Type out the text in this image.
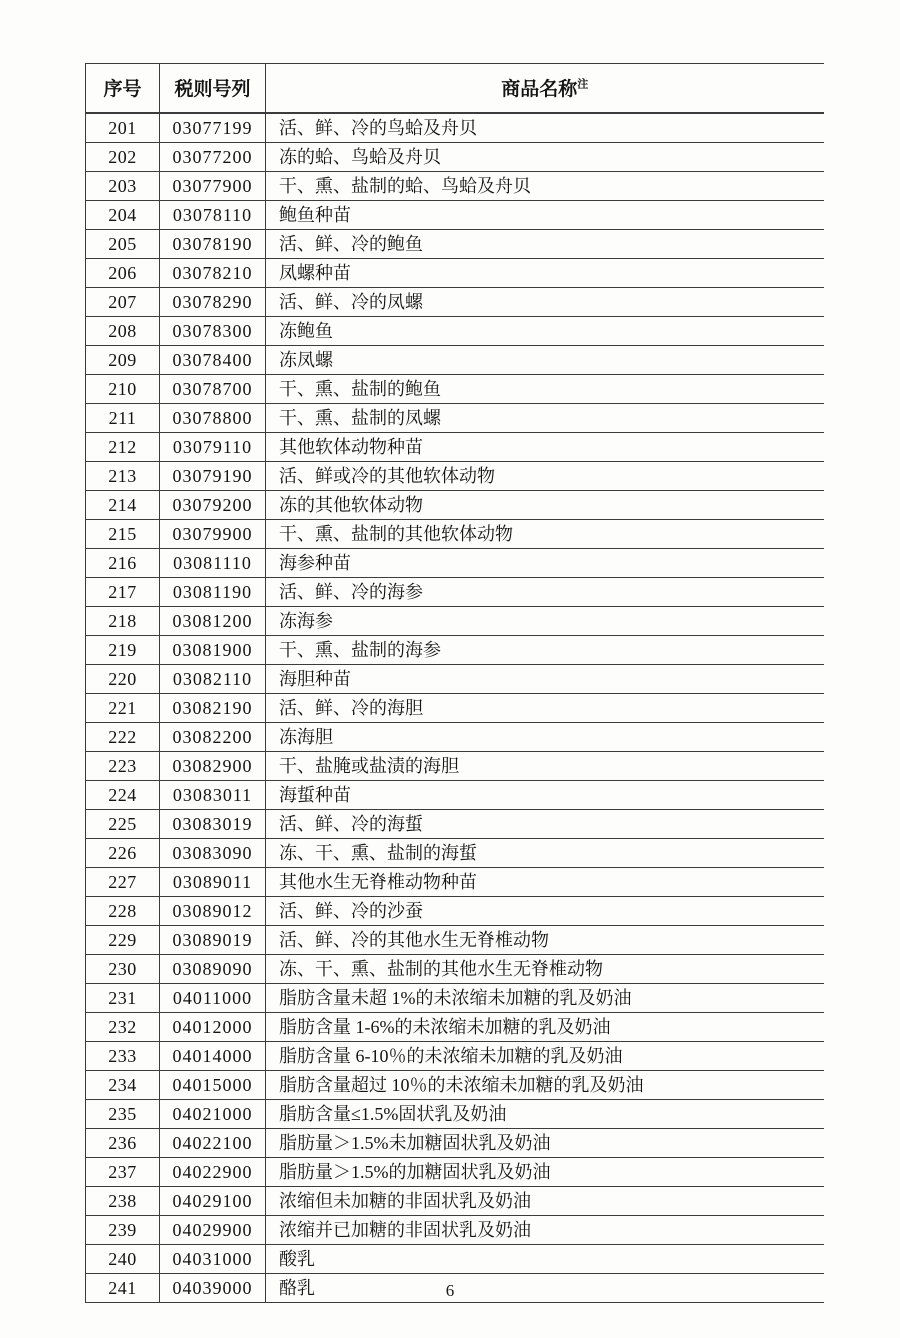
序号	税则号列	商品名称$^注$
201	03077199	活、鲜、冷的鸟蛤及舟贝
202	03077200	冻的蛤、鸟蛤及舟贝
203	03077900	干、熏、盐制的蛤、鸟蛤及舟贝
204	03078110	鲍鱼种苗
205	03078190	活、鲜、冷的鲍鱼
206	03078210	凤螺种苗
207	03078290	活、鲜、冷的凤螺
208	03078300	冻鲍鱼
209	03078400	冻凤螺
210	03078700	干、熏、盐制的鲍鱼
211	03078800	干、熏、盐制的凤螺
212	03079110	其他软体动物种苗
213	03079190	活、鲜或冷的其他软体动物
214	03079200	冻的其他软体动物
215	03079900	干、熏、盐制的其他软体动物
216	03081110	海参种苗
217	03081190	活、鲜、冷的海参
218	03081200	冻海参
219	03081900	干、熏、盐制的海参
220	03082110	海胆种苗
221	03082190	活、鲜、冷的海胆
222	03082200	冻海胆
223	03082900	干、盐腌或盐渍的海胆
224	03083011	海蜇种苗
225	03083019	活、鲜、冷的海蜇
226	03083090	冻、干、熏、盐制的海蜇
227	03089011	其他水生无脊椎动物种苗
228	03089012	活、鲜、冷的沙蚕
229	03089019	活、鲜、冷的其他水生无脊椎动物
230	03089090	冻、干、熏、盐制的其他水生无脊椎动物
231	04011000	脂肪含量未超 1%的未浓缩未加糖的乳及奶油
232	04012000	脂肪含量 1-6%的未浓缩未加糖的乳及奶油
233	04014000	脂肪含量 6-10％的未浓缩未加糖的乳及奶油
234	04015000	脂肪含量超过 10％的未浓缩未加糖的乳及奶油
235	04021000	脂肪含量≤1.5%固状乳及奶油
236	04022100	脂肪量＞1.5%未加糖固状乳及奶油
237	04022900	脂肪量＞1.5%的加糖固状乳及奶油
238	04029100	浓缩但未加糖的非固状乳及奶油
239	04029900	浓缩并已加糖的非固状乳及奶油
240	04031000	酸乳
241	04039000	酪乳	6
